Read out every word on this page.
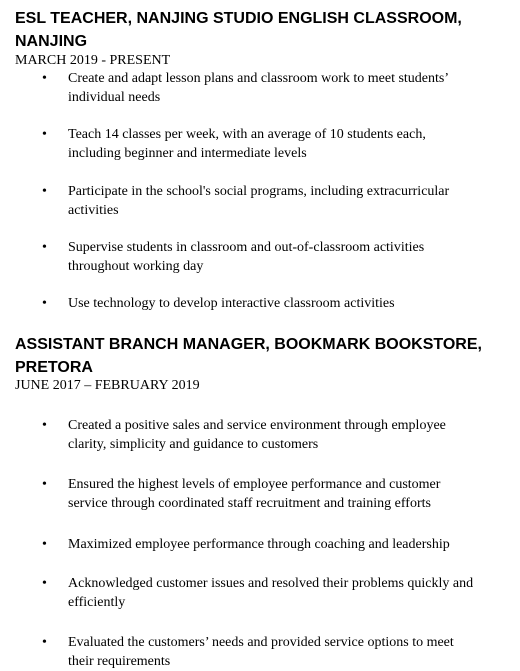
ESL TEACHER, NANJING STUDIO ENGLISH CLASSROOM,
NANJING
MARCH 2019 - PRESENT
•	Create and adapt lesson plans and classroom work to meet students’ individual needs
•	Teach 14 classes per week, with an average of 10 students each, including beginner and intermediate levels
•	Participate in the school's social programs, including extracurricular activities
•	Supervise students in classroom and out-of-classroom activities throughout working day
•	Use technology to develop interactive classroom activities
ASSISTANT BRANCH MANAGER, BOOKMARK BOOKSTORE,
PRETORA
JUNE 2017 – FEBRUARY 2019
•	Created a positive sales and service environment through employee clarity, simplicity and guidance to customers
•	Ensured the highest levels of employee performance and customer service through coordinated staff recruitment and training efforts
•	Maximized employee performance through coaching and leadership
•	Acknowledged customer issues and resolved their problems quickly and efficiently
•	Evaluated the customers’ needs and provided service options to meet their requirements
